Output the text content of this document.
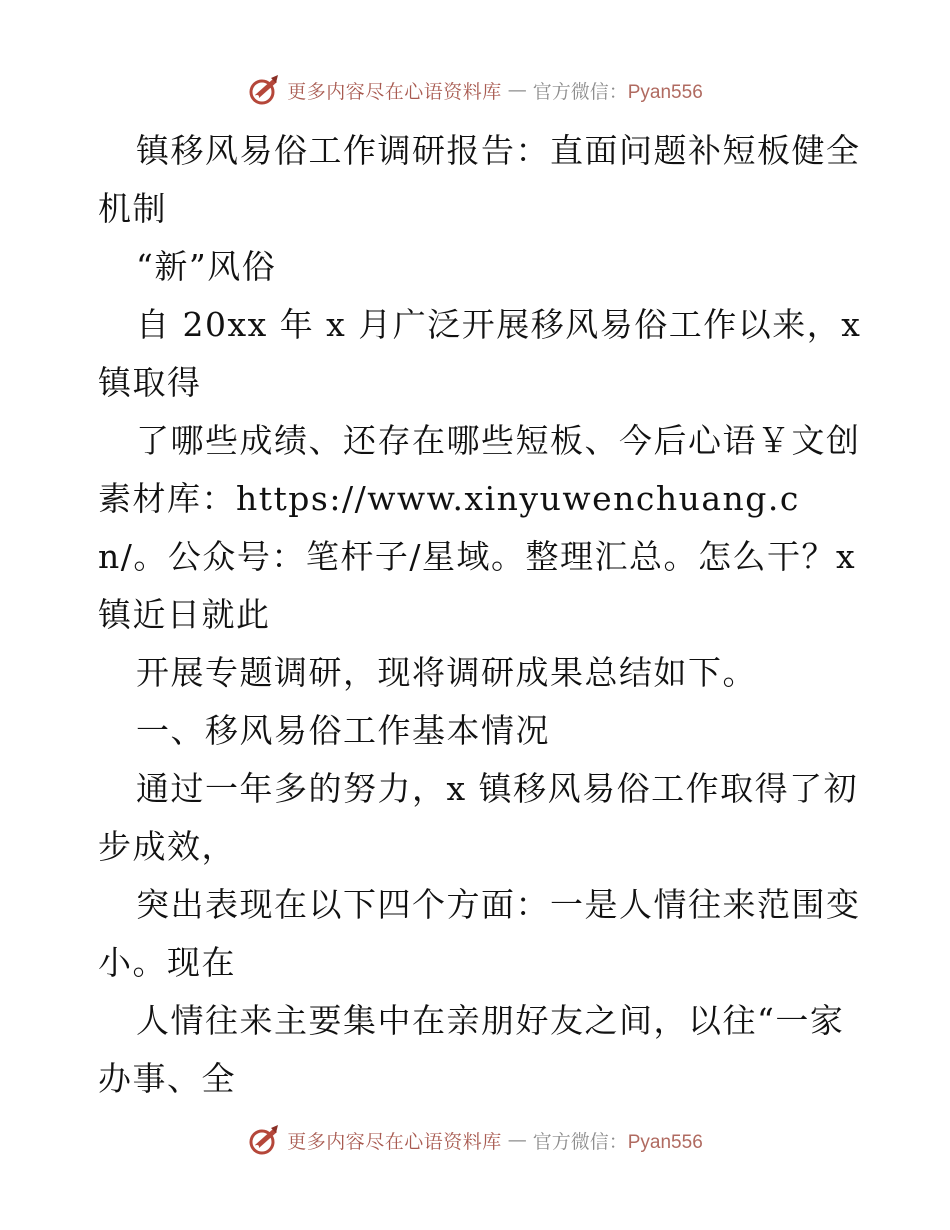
更多内容尽在心语资料库 — 官方微信：Pyan556

镇移风易俗工作调研报告：直面问题补短板健全机制

“新”风俗

自 20xx 年 x 月广泛开展移风易俗工作以来，x 镇取得

了哪些成绩、还存在哪些短板、今后心语￥文创素材库：https://www.xinyuwenchuang.cn/。公众号：笔杆子/星域。整理汇总。怎么干？x 镇近日就此

开展专题调研，现将调研成果总结如下。

一、移风易俗工作基本情况

通过一年多的努力，x 镇移风易俗工作取得了初步成效，

突出表现在以下四个方面：一是人情往来范围变小。现在

人情往来主要集中在亲朋好友之间，以往“一家办事、全

更多内容尽在心语资料库 — 官方微信：Pyan556
